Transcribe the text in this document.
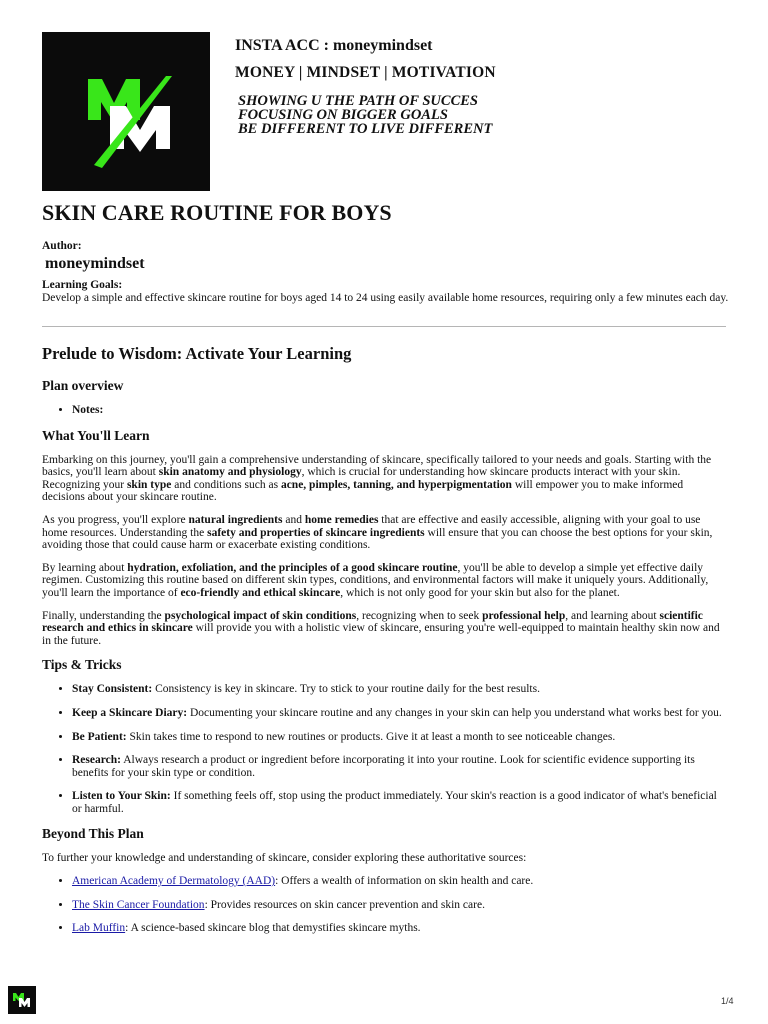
INSTA ACC : moneymindset

MONEY | MINDSET | MOTIVATION

SHOWING U THE PATH OF SUCCES

FOCUSING ON BIGGER GOALS

BE DIFFERENT TO LIVE DIFFERENT

SKIN CARE ROUTINE FOR BOYS

Author:

moneymindset

Learning Goals:

Develop a simple and effective skincare routine for boys aged 14 to 24 using easily available home resources, requiring only a few minutes each day.

Prelude to Wisdom: Activate Your Learning
Plan overview
• Notes:
What You'll Learn

Embarking on this journey, you'll gain a comprehensive understanding of skincare, specifically tailored to your needs and goals. Starting with the basics, you'll learn about skin anatomy and physiology, which is crucial for understanding how skincare products interact with your skin. Recognizing your skin type and conditions such as acne, pimples, tanning, and hyperpigmentation will empower you to make informed decisions about your skincare routine.

As you progress, you'll explore natural ingredients and home remedies that are effective and easily accessible, aligning with your goal to use home resources. Understanding the safety and properties of skincare ingredients will ensure that you can choose the best options for your skin, avoiding those that could cause harm or exacerbate existing conditions.

By learning about hydration, exfoliation, and the principles of a good skincare routine, you'll be able to develop a simple yet effective daily regimen. Customizing this routine based on different skin types, conditions, and environmental factors will make it uniquely yours. Additionally, you'll learn the importance of eco-friendly and ethical skincare, which is not only good for your skin but also for the planet.

Finally, understanding the psychological impact of skin conditions, recognizing when to seek professional help, and learning about scientific research and ethics in skincare will provide you with a holistic view of skincare, ensuring you're well-equipped to maintain healthy skin now and in the future.

Tips & Tricks
• Stay Consistent: Consistency is key in skincare. Try to stick to your routine daily for the best results.
• Keep a Skincare Diary: Documenting your skincare routine and any changes in your skin can help you understand what works best for you.
• Be Patient: Skin takes time to respond to new routines or products. Give it at least a month to see noticeable changes.
• Research: Always research a product or ingredient before incorporating it into your routine. Look for scientific evidence supporting its benefits for your skin type or condition.
• Listen to Your Skin: If something feels off, stop using the product immediately. Your skin's reaction is a good indicator of what's beneficial or harmful.
Beyond This Plan

To further your knowledge and understanding of skincare, consider exploring these authoritative sources:

• American Academy of Dermatology (AAD): Offers a wealth of information on skin health and care.
• The Skin Cancer Foundation: Provides resources on skin cancer prevention and skin care.
• Lab Muffin: A science-based skincare blog that demystifies skincare myths.
1/4
